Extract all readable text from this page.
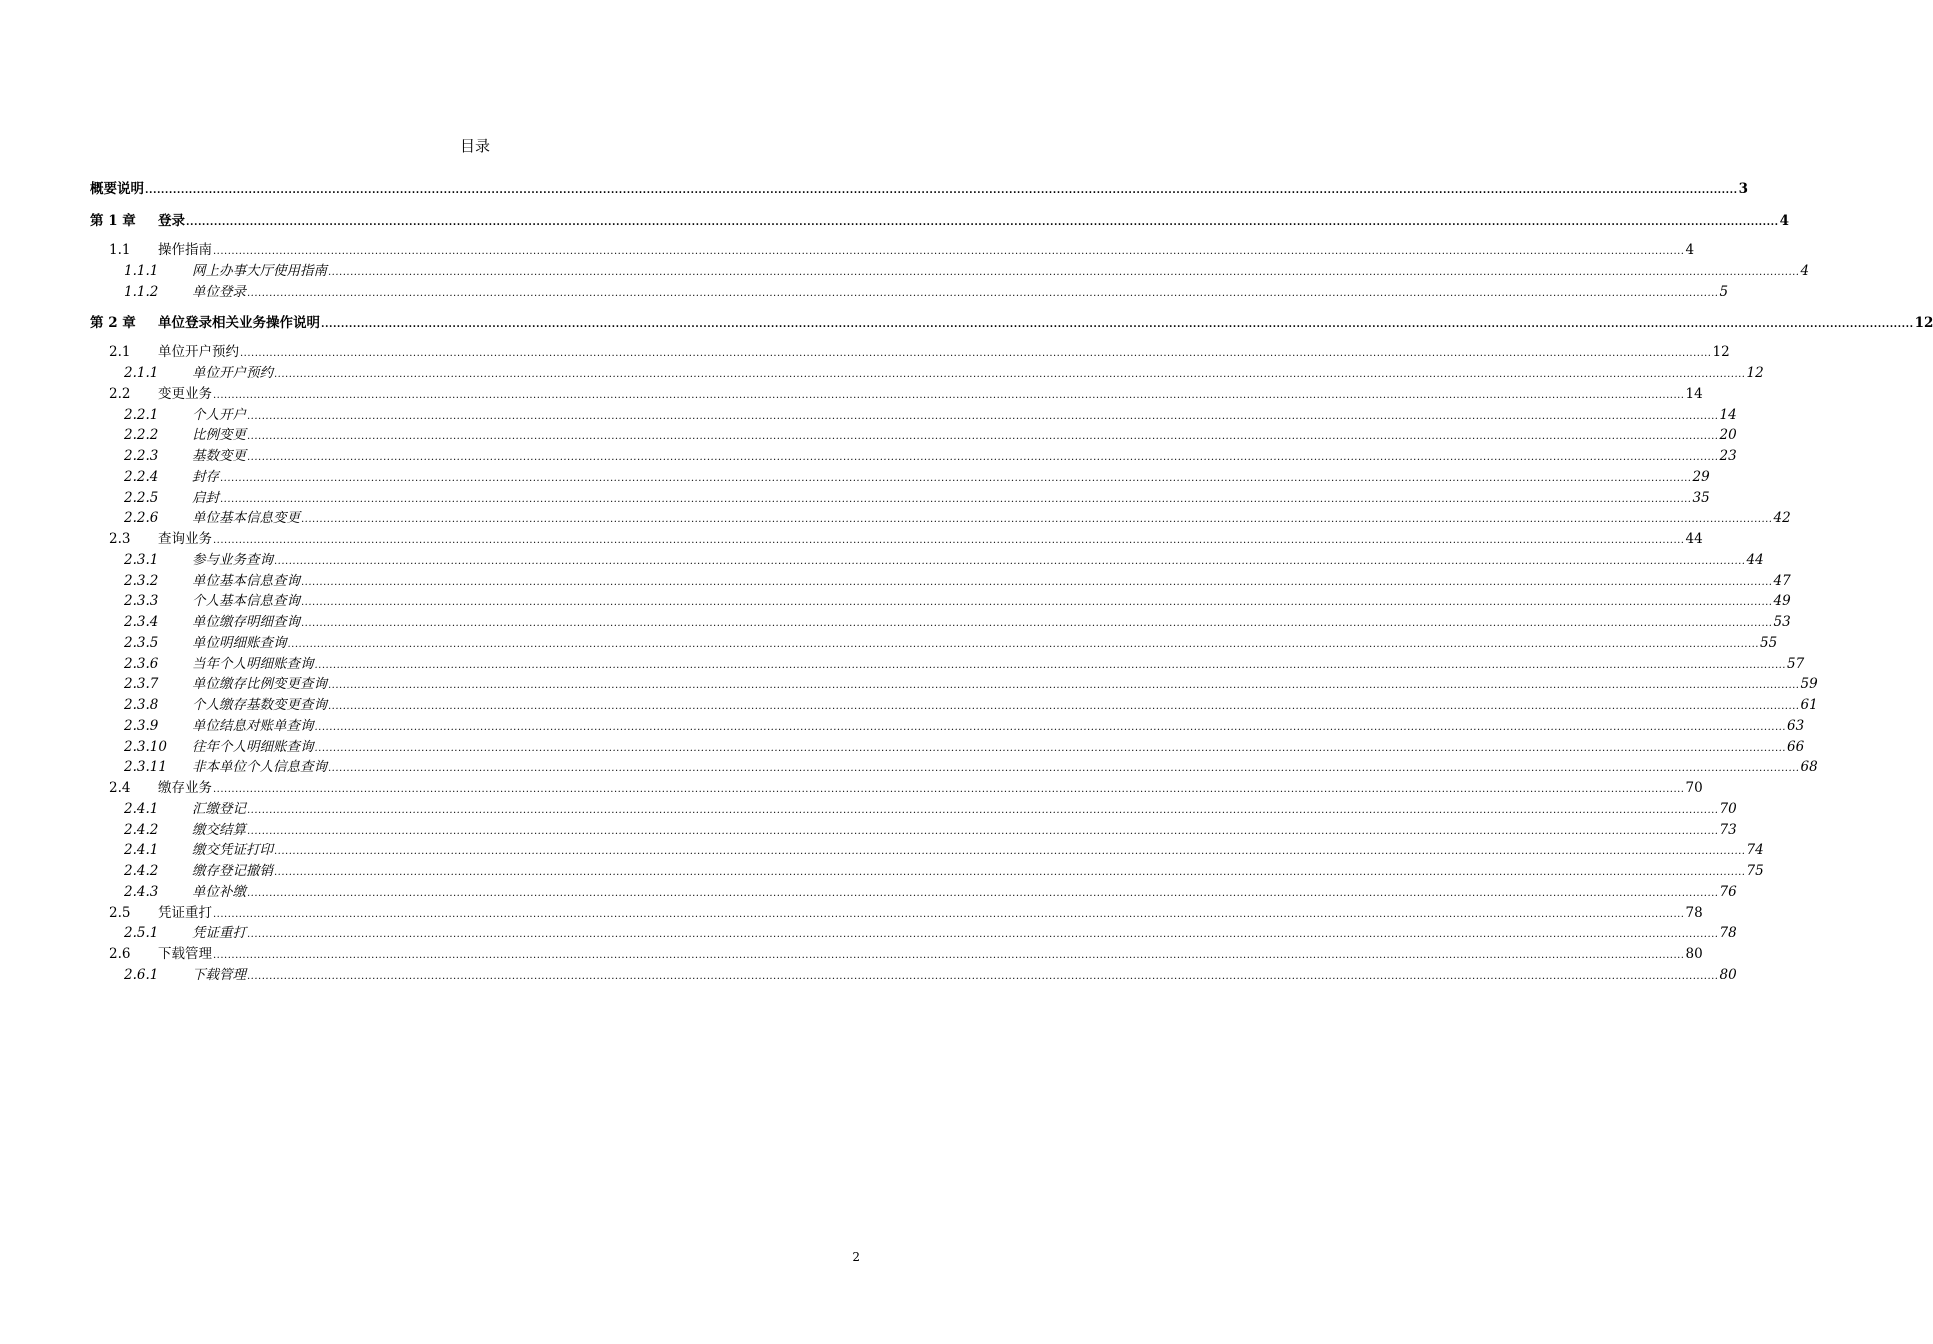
目录
概要说明 ................................................................................................................................................................................................................................................................................................................................................................................................................ 3
第 1 章 登录 ................................................................................................................................................................................................................................................................................................................................................................................................................ 4
1.1 操作指南 ................................................................................................................................................................................................................................................................................................................................................................................................................ 4
1.1.1 网上办事大厅使用指南 ................................................................................................................................................................................................................................................................................................................................................................................................................ 4
1.1.2 单位登录 ................................................................................................................................................................................................................................................................................................................................................................................................................ 5
第 2 章 单位登录相关业务操作说明 ................................................................................................................................................................................................................................................................................................................................................................................................................ 12
2.1 单位开户预约 ................................................................................................................................................................................................................................................................................................................................................................................................................ 12
2.1.1 单位开户预约 ................................................................................................................................................................................................................................................................................................................................................................................................................ 12
2.2 变更业务 ................................................................................................................................................................................................................................................................................................................................................................................................................ 14
2.2.1 个人开户 ................................................................................................................................................................................................................................................................................................................................................................................................................ 14
2.2.2 比例变更 ................................................................................................................................................................................................................................................................................................................................................................................................................ 20
2.2.3 基数变更 ................................................................................................................................................................................................................................................................................................................................................................................................................ 23
2.2.4 封存 ................................................................................................................................................................................................................................................................................................................................................................................................................ 29
2.2.5 启封 ................................................................................................................................................................................................................................................................................................................................................................................................................ 35
2.2.6 单位基本信息变更 ................................................................................................................................................................................................................................................................................................................................................................................................................ 42
2.3 查询业务 ................................................................................................................................................................................................................................................................................................................................................................................................................ 44
2.3.1 参与业务查询 ................................................................................................................................................................................................................................................................................................................................................................................................................ 44
2.3.2 单位基本信息查询 ................................................................................................................................................................................................................................................................................................................................................................................................................ 47
2.3.3 个人基本信息查询 ................................................................................................................................................................................................................................................................................................................................................................................................................ 49
2.3.4 单位缴存明细查询 ................................................................................................................................................................................................................................................................................................................................................................................................................ 53
2.3.5 单位明细账查询 ................................................................................................................................................................................................................................................................................................................................................................................................................ 55
2.3.6 当年个人明细账查询 ................................................................................................................................................................................................................................................................................................................................................................................................................ 57
2.3.7 单位缴存比例变更查询 ................................................................................................................................................................................................................................................................................................................................................................................................................ 59
2.3.8 个人缴存基数变更查询 ................................................................................................................................................................................................................................................................................................................................................................................................................ 61
2.3.9 单位结息对账单查询 ................................................................................................................................................................................................................................................................................................................................................................................................................ 63
2.3.10 往年个人明细账查询 ................................................................................................................................................................................................................................................................................................................................................................................................................ 66
2.3.11 非本单位个人信息查询 ................................................................................................................................................................................................................................................................................................................................................................................................................ 68
2.4 缴存业务 ................................................................................................................................................................................................................................................................................................................................................................................................................ 70
2.4.1 汇缴登记 ................................................................................................................................................................................................................................................................................................................................................................................................................ 70
2.4.2 缴交结算 ................................................................................................................................................................................................................................................................................................................................................................................................................ 73
2.4.1 缴交凭证打印 ................................................................................................................................................................................................................................................................................................................................................................................................................ 74
2.4.2 缴存登记撤销 ................................................................................................................................................................................................................................................................................................................................................................................................................ 75
2.4.3 单位补缴 ................................................................................................................................................................................................................................................................................................................................................................................................................ 76
2.5 凭证重打 ................................................................................................................................................................................................................................................................................................................................................................................................................ 78
2.5.1 凭证重打 ................................................................................................................................................................................................................................................................................................................................................................................................................ 78
2.6 下载管理 ................................................................................................................................................................................................................................................................................................................................................................................................................ 80
2.6.1 下载管理 ................................................................................................................................................................................................................................................................................................................................................................................................................ 80
2
